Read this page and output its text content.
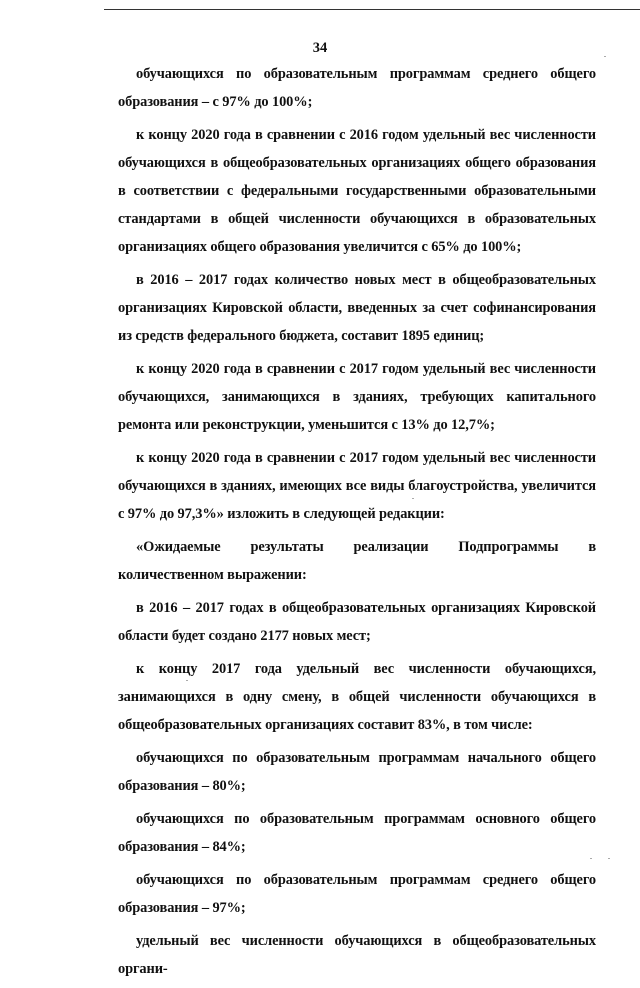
34

обучающихся по образовательным программам среднего общего образования – с 97% до 100%;

к концу 2020 года в сравнении с 2016 годом удельный вес численности обучающихся в общеобразовательных организациях общего образования в соответствии с федеральными государственными образовательными стандартами в общей численности обучающихся в образовательных организациях общего образования увеличится с 65% до 100%;

в 2016 – 2017 годах количество новых мест в общеобразовательных организациях Кировской области, введенных за счет софинансирования из средств федерального бюджета, составит 1895 единиц;

к концу 2020 года в сравнении с 2017 годом удельный вес численности обучающихся, занимающихся в зданиях, требующих капитального ремонта или реконструкции, уменьшится с 13% до 12,7%;

к концу 2020 года в сравнении с 2017 годом удельный вес численности обучающихся в зданиях, имеющих все виды благоустройства, увеличится с 97% до 97,3%» изложить в следующей редакции:

«Ожидаемые результаты реализации Подпрограммы в количественном выражении:

в 2016 – 2017 годах в общеобразовательных организациях Кировской области будет создано 2177 новых мест;

к концу 2017 года удельный вес численности обучающихся, занимающихся в одну смену, в общей численности обучающихся в общеобразовательных организациях составит 83%, в том числе:

обучающихся по образовательным программам начального общего образования – 80%;

обучающихся по образовательным программам основного общего образования – 84%;

обучающихся по образовательным программам среднего общего образования – 97%;

удельный вес численности обучающихся в общеобразовательных органи-
